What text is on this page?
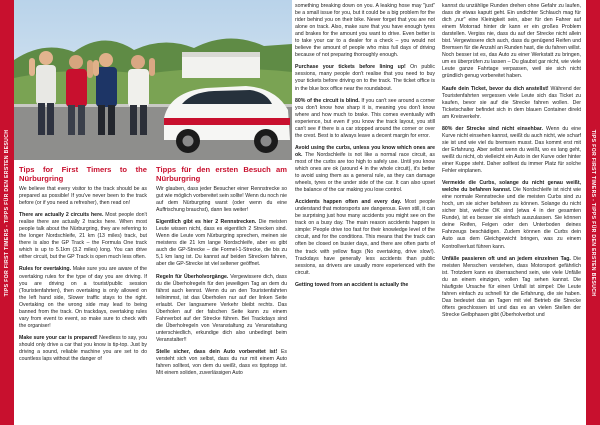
TIPS FOR FIRST TIMERS - TIPPS FÜR DEN ERSTEN BESUCH	TIPS FOR FIRST TIMERS - TIPPS FÜR DEN ERSTEN BESUCH
Tips for First Timers to the Nürburgring

We believe that every visitor to the track should be as prepared as possible! If you've never been to the track before (or if you need a refresher), then read on!

There are actually 2 circuits here. Most people don't realise there are actually 2 tracks here. When most people talk about the Nürburgring, they are referring to the longer Nordschleife, 21 km (13 miles) track, but there is also the GP Track – the Formula One track which is up to 5.1km (3.2 miles) long. You can drive either circuit, but the GP Track is open much less often.

Rules for overtaking. Make sure you are aware of the overtaking rules for the type of day you are driving. If you are driving on a tourist/public session (Touristenfahrten), then overtaking is only allowed on the left hand side, Slower traffic stays to the right. Overtaking on the wrong side may lead to being banned from the track. On trackdays, overtaking rules vary from event to event, so make sure to check with the organiser!

Make sure your car is prepared! Needless to say, you should only drive a car that you know is tip-top. Just by driving a sound, reliable machine you are set to do countless laps without the danger of

Tipps für den ersten Besuch am Nürburgring

Wir glauben, dass jeder Besucher einer Rennstrecke so gut wie möglich vorbereitet sein sollte! Wenn du noch nie auf dem Nürburgring warst (oder wenn du eine Auffrischung brauchst), dann lies weiter!

Eigentlich gibt es hier 2 Rennstrecken. Die meisten Leute wissen nicht, dass es eigentlich 2 Strecken sind. Wenn die Leute vom Nürburgring sprechen, meinen sie meistens die 21 km lange Nordschleife, aber es gibt auch die GP-Strecke – die Formel-1-Strecke, die bis zu 5,1 km lang ist. Du kannst auf beiden Strecken fahren, aber die GP-Strecke ist viel seltener geöffnet.

Regeln für Überholvorgänge. Vergewissere dich, dass du die Überholregeln für den jeweiligen Tag an dem du fährst auch kennst. Wenn du an den Touristenfahrten teilnimmst, ist das Überholen nur auf der linken Seite erlaubt. Der langsamere Verkehr bleibt rechts. Das Überholen auf der falschen Seite kann zu einem Fahrverbot auf der Strecke führen. Bei Trackdays sind die Überholregeln von Veranstaltung zu Veranstaltung unterschiedlich, erkundige dich also unbedingt beim Veranstalter!!

Stelle sicher, dass dein Auto vorbereitet ist! Es versteht sich von selbst, dass du nur mit einem Auto fahren solltest, von dem du weißt, dass es tipptopp ist. Mit einem soliden, zuverlässigen Auto

something breaking down on you. A leaking hose may "just" be a small issue for you, but it could be a big problem for the rider behind you on their bike. Never forget that you are not alone on track. Also, make sure that you have enough tyres and brakes for the amount you want to drive. Even better is to take your car to a dealer for a check – you would not believe the amount of people who miss full days of driving because of not preparing thoroughly enough.

Purchase your tickets before lining up! On public sessions, many people don't realise that you need to buy your tickets before driving on to the track. The ticket office is in the blue box office near the roundabout.

80% of the circuit is blind. If you can't see around a corner you don't know how sharp it is, meaning you don't know where and how much to brake. This comes eventually with experience, but even if you know the track layout, you still can't see if there is a car stopped around the corner or over the crest. Best is to always leave a decent margin for error.

Avoid using the curbs, unless you know which ones are ok. The Nordschleife is not like a normal race circuit, as most of the curbs are too high to safely use. Until you know which ones are ok (around 4 in the whole circuit), it's better to avoid using them as a general rule, as they can damage wheels, tyres or the under side of the car. It can also upset the balance of the car making you lose control.

Accidents happen often and every day. Most people understand that motorsports are dangerous. Even still, it can be surprising just how many accidents you might see on the track on a busy day. The main reason accidents happen is simple: People drive too fast for their knowledge level of the circuit, and for the conditions. This means that the track can often be closed on busier days, and there are often parts of the track with yellow flags (No overtaking, drive slow!). Trackdays have generally less accidents than public sessions, as drivers are usually more experienced with the circuit.

Getting towed from an accident is actually the

kannst du unzählige Runden drehen ohne Gefahr zu laufen, dass dir etwas kaputt geht. Ein undichter Schlauch mag für dich „nur" eine Kleinigkeit sein, aber für den Fahrer auf einem Motorrad hinter dir kann er ein großes Problem darstellen. Vergiss nie, dass du auf der Strecke nicht allein bist. Vergewissere dich auch, dass du genügend Reifen und Bremsen für die Anzahl an Runden hast, die du fahren willst. Noch besser ist es, das Auto zu einer Werkstatt zu bringen, um es überprüfen zu lassen – Du glaubst gar nicht, wie viele Leute ganze Fahrtage verpassen, weil sie sich nicht gründlich genug vorbereitet haben.

Kaufe dein Ticket, bevor du dich anstellst! Während der Touristenfahrten vergessen viele Leute sich das Ticket zu kaufen, bevor sie auf die Strecke fahren wollen. Der Ticketschalter befindet sich in dem blauen Container direkt am Kreisverkehr.

80% der Strecke sind nicht einsehbar. Wenn du eine Kurve nicht einsehen kannst, weißt du auch nicht, wie scharf sie ist und wie viel du bremsen musst. Das kommt erst mit der Erfahrung. Aber selbst wenn du weißt, wo es lang geht, weißt du nicht, ob vielleicht ein Auto in der Kurve oder hinter einer Kuppe steht. Daher solltest du immer Platz für solche Fehler einplanen.

Vermeide die Curbs, solange du nicht genau weißt, welche du befahren kannst. Die Nordschleife ist nicht wie eine normale Rennstrecke und die meisten Curbs sind zu hoch, um sie sicher befahren zu können. Solange du nicht sicher bist, welche OK sind (etwa 4 in der gesamten Runde), ist es besser sie einfach auszulassen. Sie können deine Reifen, Felgen oder den Unterboden deines Fahrzeugs beschädigen. Zudem können die Curbs dein Auto aus dem Gleichgewicht bringen, was zu einem Kontrollverlust führen kann.

Unfälle passieren oft und an jedem einzelnen Tag. Die meisten Menschen verstehen, dass Motorsport gefährlich ist. Trotzdem kann es überraschend sein, wie viele Unfälle du an einem einzigen, vollen Tag sehen kannst. Die häufigste Ursache für einen Unfall ist simpel: Die Leute fahren einfach zu schnell für die Erfahrung, die sie haben. Das bedeutet das an Tagen mit viel Betrieb die Strecke öfters geschlossen ist und das es an vielen Stellen der Strecke Gelbphasen gibt (Überholverbot und
